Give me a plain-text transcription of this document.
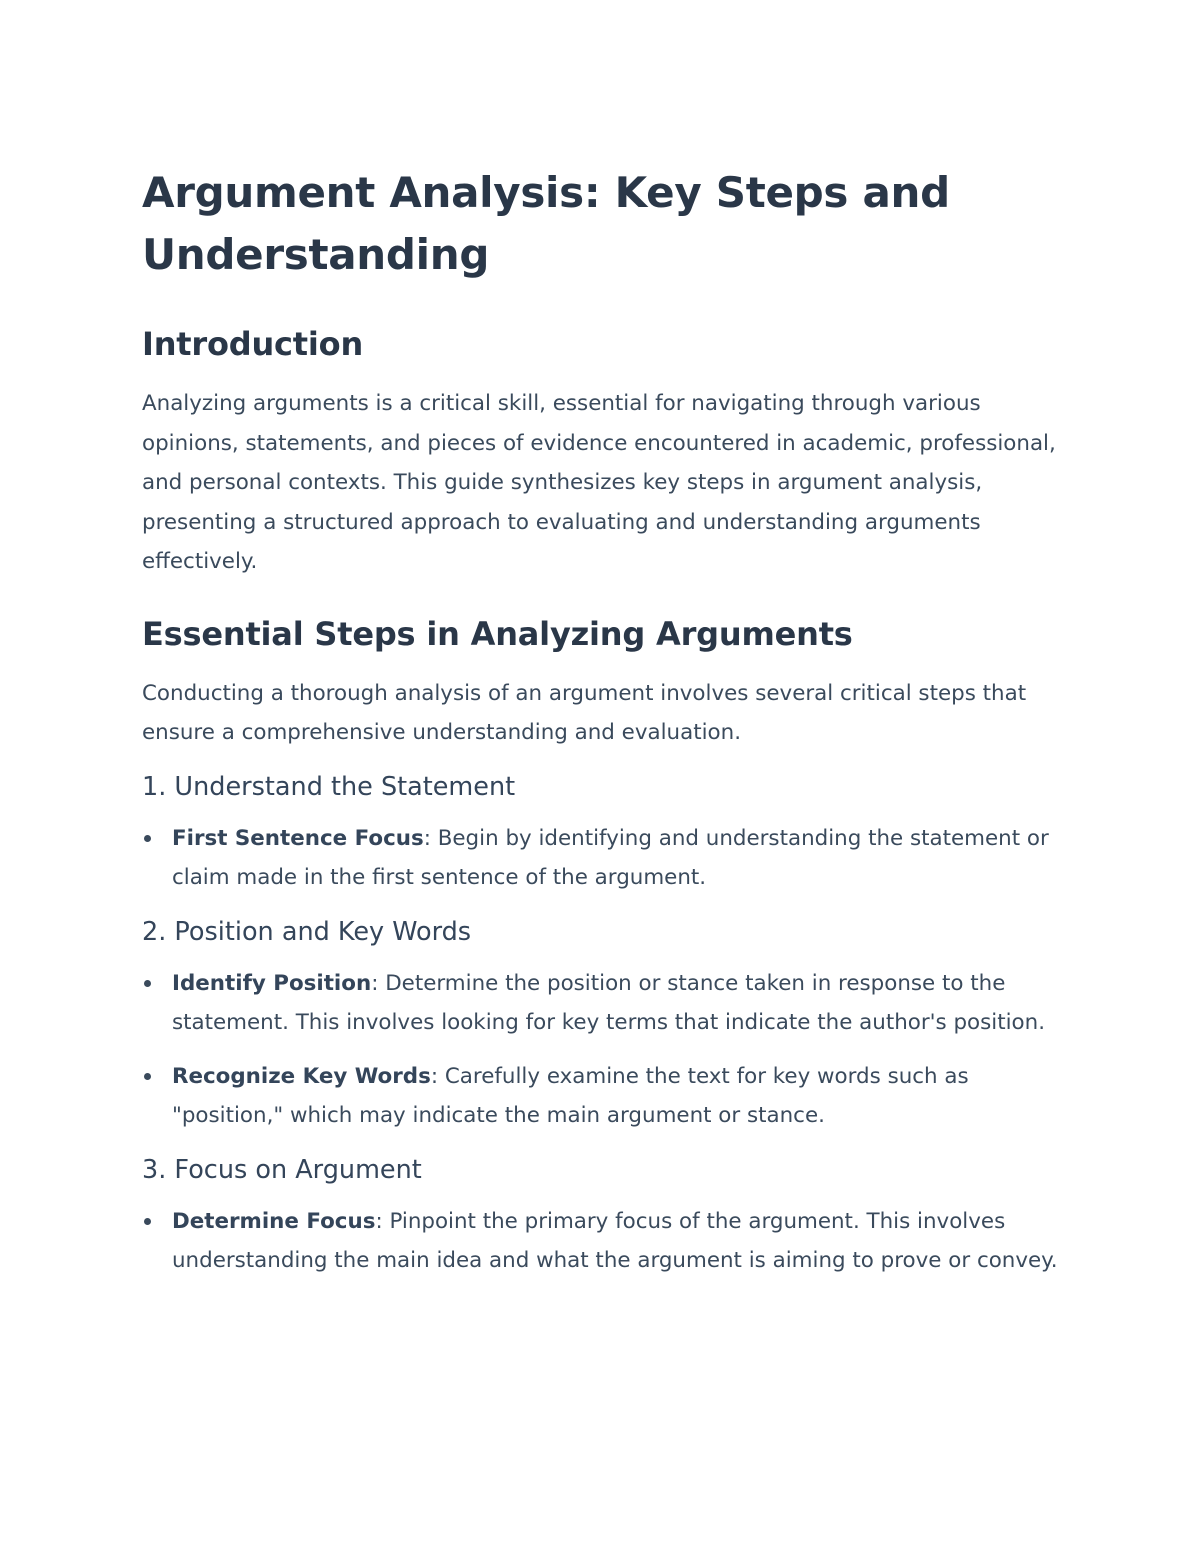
Argument Analysis: Key Steps and Understanding
Introduction

Analyzing arguments is a critical skill, essential for navigating through various opinions, statements, and pieces of evidence encountered in academic, professional, and personal contexts. This guide synthesizes key steps in argument analysis, presenting a structured approach to evaluating and understanding arguments effectively.

Essential Steps in Analyzing Arguments

Conducting a thorough analysis of an argument involves several critical steps that ensure a comprehensive understanding and evaluation.

1. Understand the Statement
First Sentence Focus: Begin by identifying and understanding the statement or claim made in the first sentence of the argument.
2. Position and Key Words
Identify Position: Determine the position or stance taken in response to the statement. This involves looking for key terms that indicate the author's position.
Recognize Key Words: Carefully examine the text for key words such as "position," which may indicate the main argument or stance.
3. Focus on Argument
Determine Focus: Pinpoint the primary focus of the argument. This involves understanding the main idea and what the argument is aiming to prove or convey.
